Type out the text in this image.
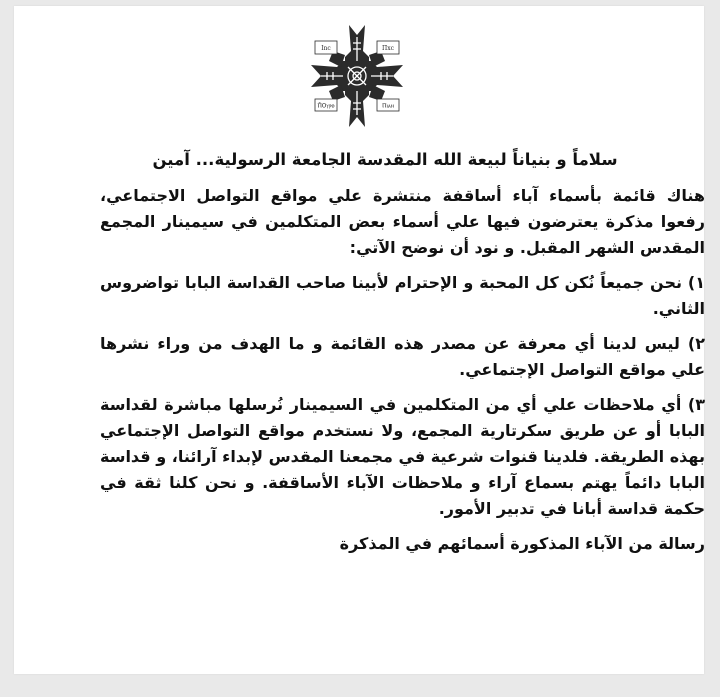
Ιnc	Π̄xc
Ⲡ̄Ⲟⲩⲣⲟ	Ⲡⲓⲁⲛ
سلاماً و بنياناً لبيعة الله المقدسة الجامعة الرسولية... آمين

هناك قائمة بأسماء آباء أساقفة منتشرة علي مواقع التواصل الاجتماعي، رفعوا مذكرة يعترضون فيها علي أسماء بعض المتكلمين في سيمينار المجمع المقدس الشهر المقبل. و نود أن نوضح الآتي:

١) نحن جميعاً نُكن كل المحبة و الإحترام لأبينا صاحب القداسة البابا تواضروس الثاني.

٢) ليس لدينا أي معرفة عن مصدر هذه القائمة و ما الهدف من وراء نشرها علي مواقع التواصل الإجتماعي.

٣) أي ملاحظات علي أي من المتكلمين في السيمينار نُرسلها مباشرة لقداسة البابا أو عن طريق سكرتارية المجمع، ولا نستخدم مواقع التواصل الإجتماعي بهذه الطريقة. فلدينا قنوات شرعية في مجمعنا المقدس لإبداء آرائنا، و قداسة البابا دائماً يهتم بسماع آراء و ملاحظات الآباء الأساقفة. و نحن كلنا ثقة في حكمة قداسة أبانا في تدبير الأمور.

رسالة من الآباء المذكورة أسمائهم في المذكرة
